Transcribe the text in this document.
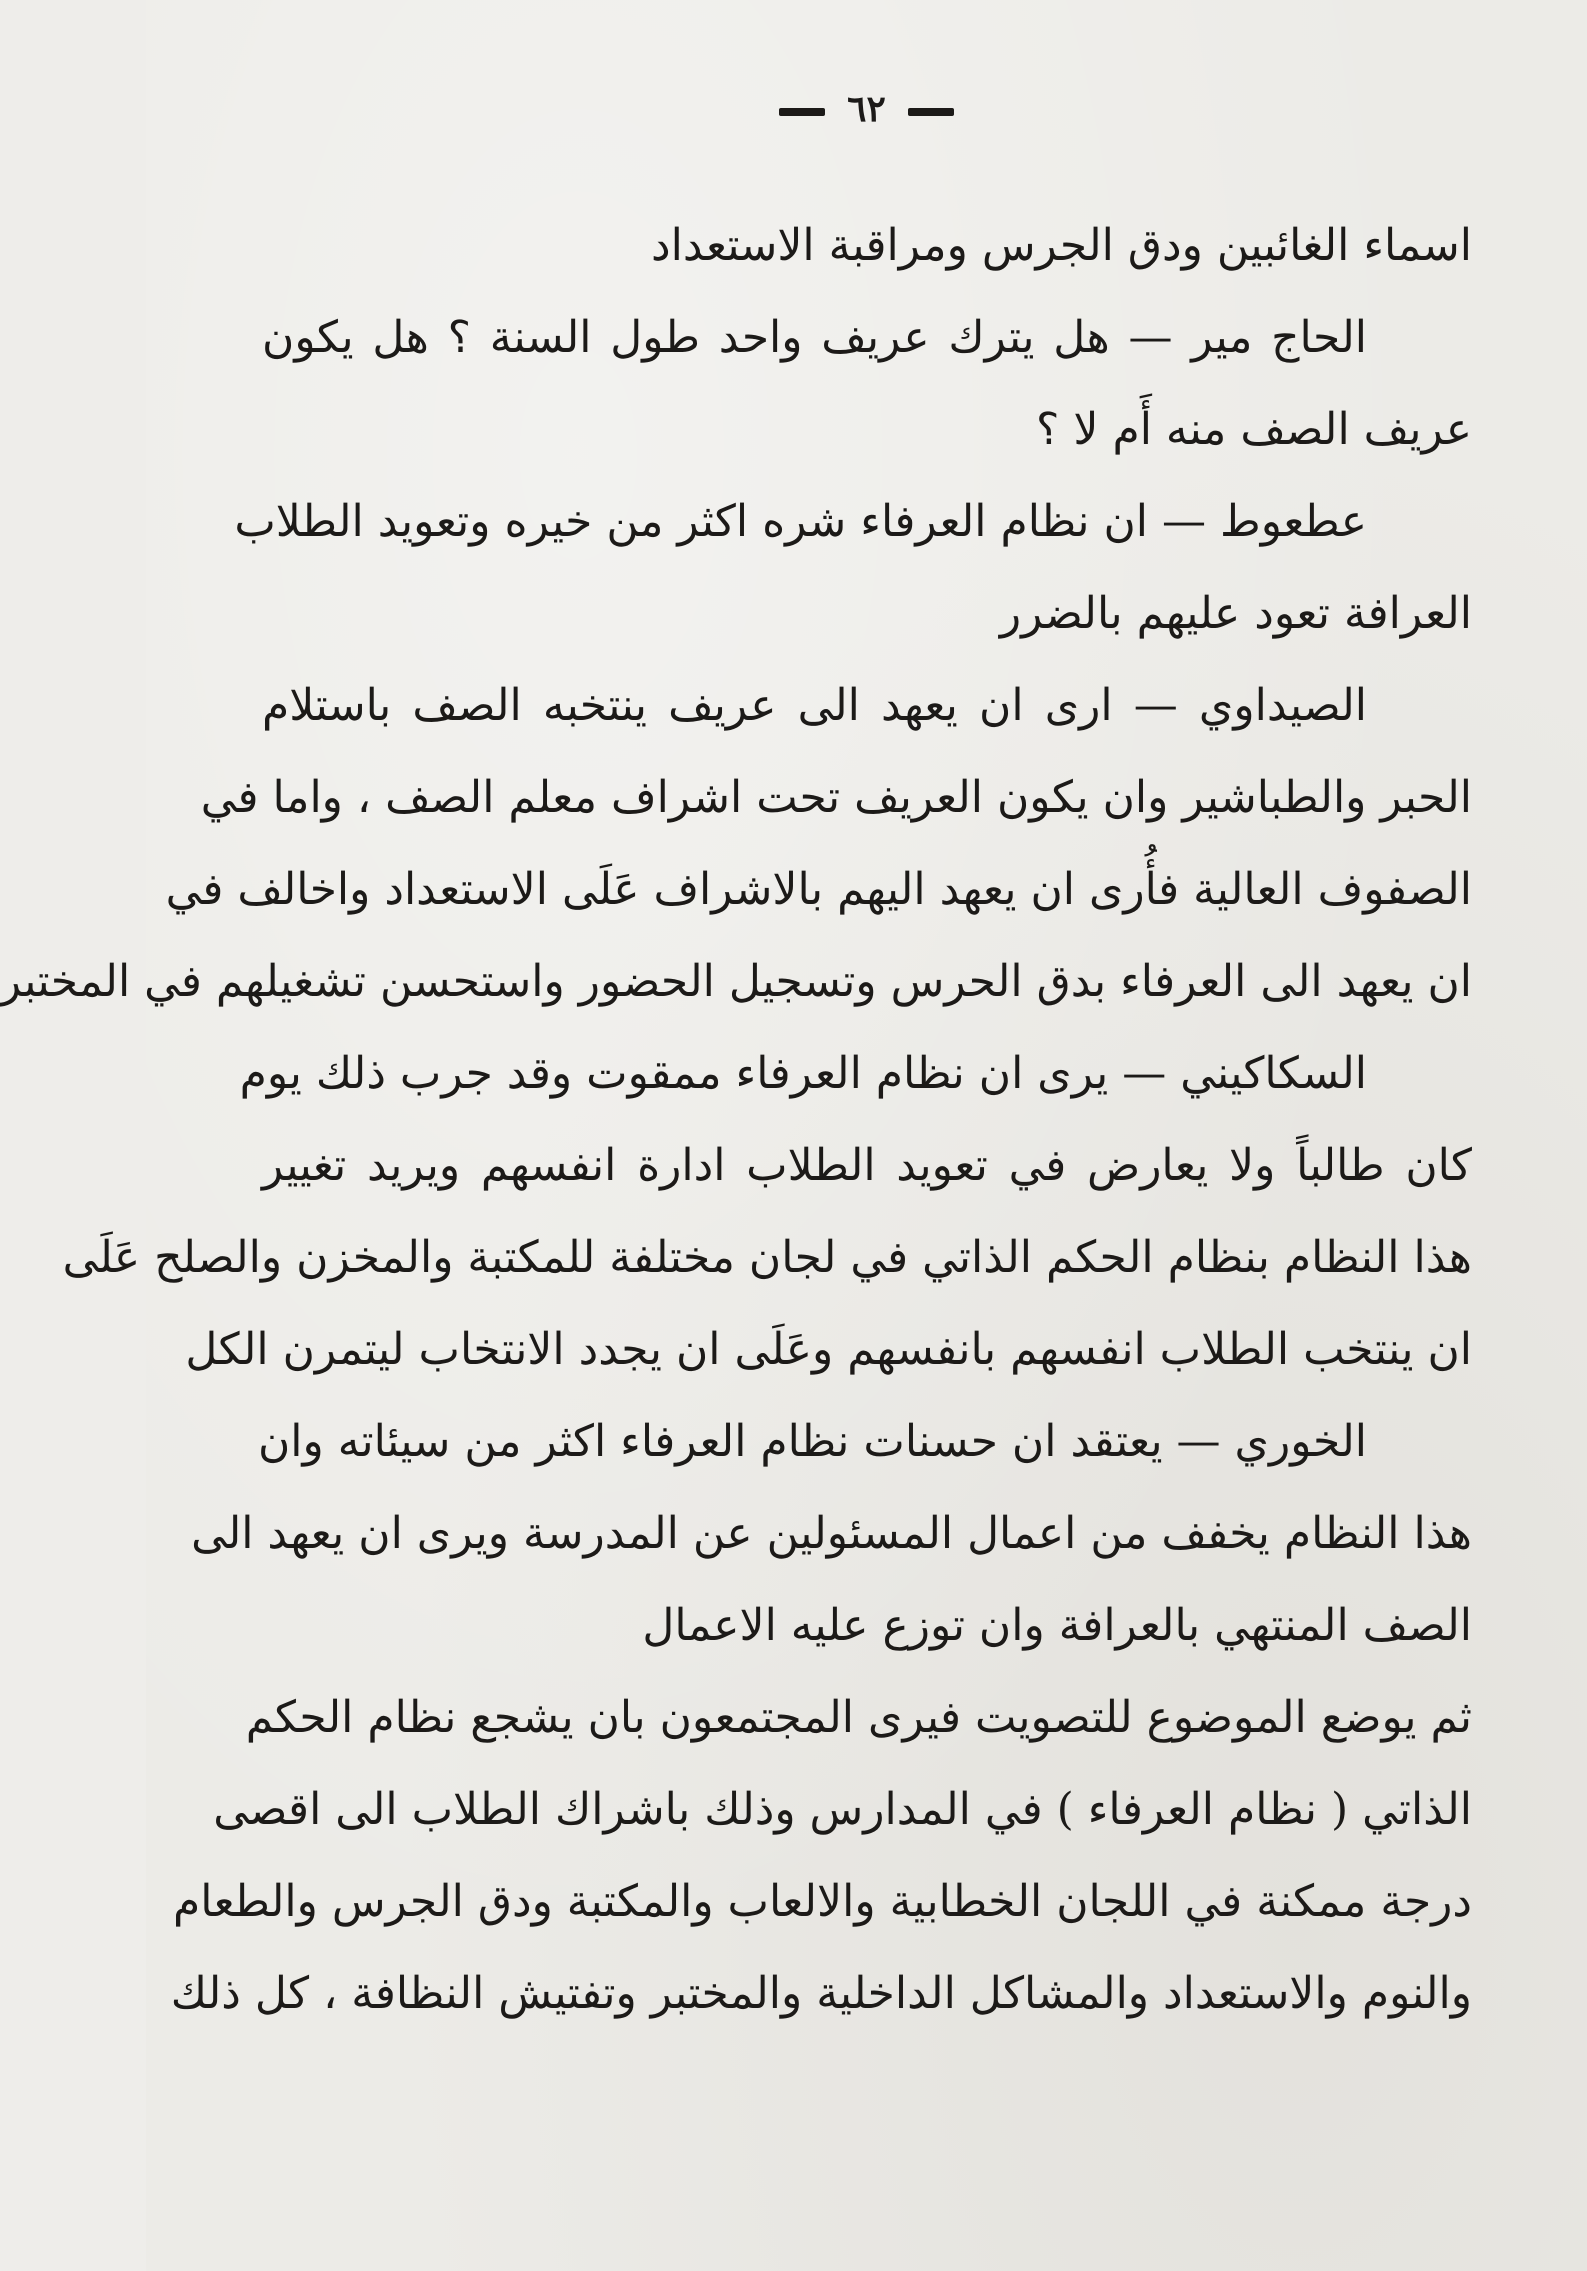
٦٢
اسماء الغائبين ودق الجرس ومراقبة الاستعداد
الحاج مير — هل يترك عريف واحد طول السنة ؟ هل يكون
عريف الصف منه أَم لا ؟
عطعوط — ان نظام العرفاء شره اكثر من خيره وتعويد الطلاب
العرافة تعود عليهم بالضرر
الصيداوي — ارى ان يعهد الى عريف ينتخبه الصف باستلام
الحبر والطباشير وان يكون العريف تحت اشراف معلم الصف ، واما في
الصفوف العالية فأُرى ان يعهد اليهم بالاشراف عَلَى الاستعداد واخالف في
ان يعهد الى العرفاء بدق الحرس وتسجيل الحضور واستحسن تشغيلهم في المختبر
السكاكيني — يرى ان نظام العرفاء ممقوت وقد جرب ذلك يوم
كان طالباً ولا يعارض في تعويد الطلاب ادارة انفسهم ويريد تغيير
هذا النظام بنظام الحكم الذاتي في لجان مختلفة للمكتبة والمخزن والصلح عَلَى
ان ينتخب الطلاب انفسهم بانفسهم وعَلَى ان يجدد الانتخاب ليتمرن الكل
الخوري — يعتقد ان حسنات نظام العرفاء اكثر من سيئاته وان
هذا النظام يخفف من اعمال المسئولين عن المدرسة ويرى ان يعهد الى
الصف المنتهي بالعرافة وان توزع عليه الاعمال
ثم يوضع الموضوع للتصويت فيرى المجتمعون بان يشجع نظام الحكم
الذاتي ( نظام العرفاء ) في المدارس وذلك باشراك الطلاب الى اقصى
درجة ممكنة في اللجان الخطابية والالعاب والمكتبة ودق الجرس والطعام
والنوم والاستعداد والمشاكل الداخلية والمختبر وتفتيش النظافة ، كل ذلك
